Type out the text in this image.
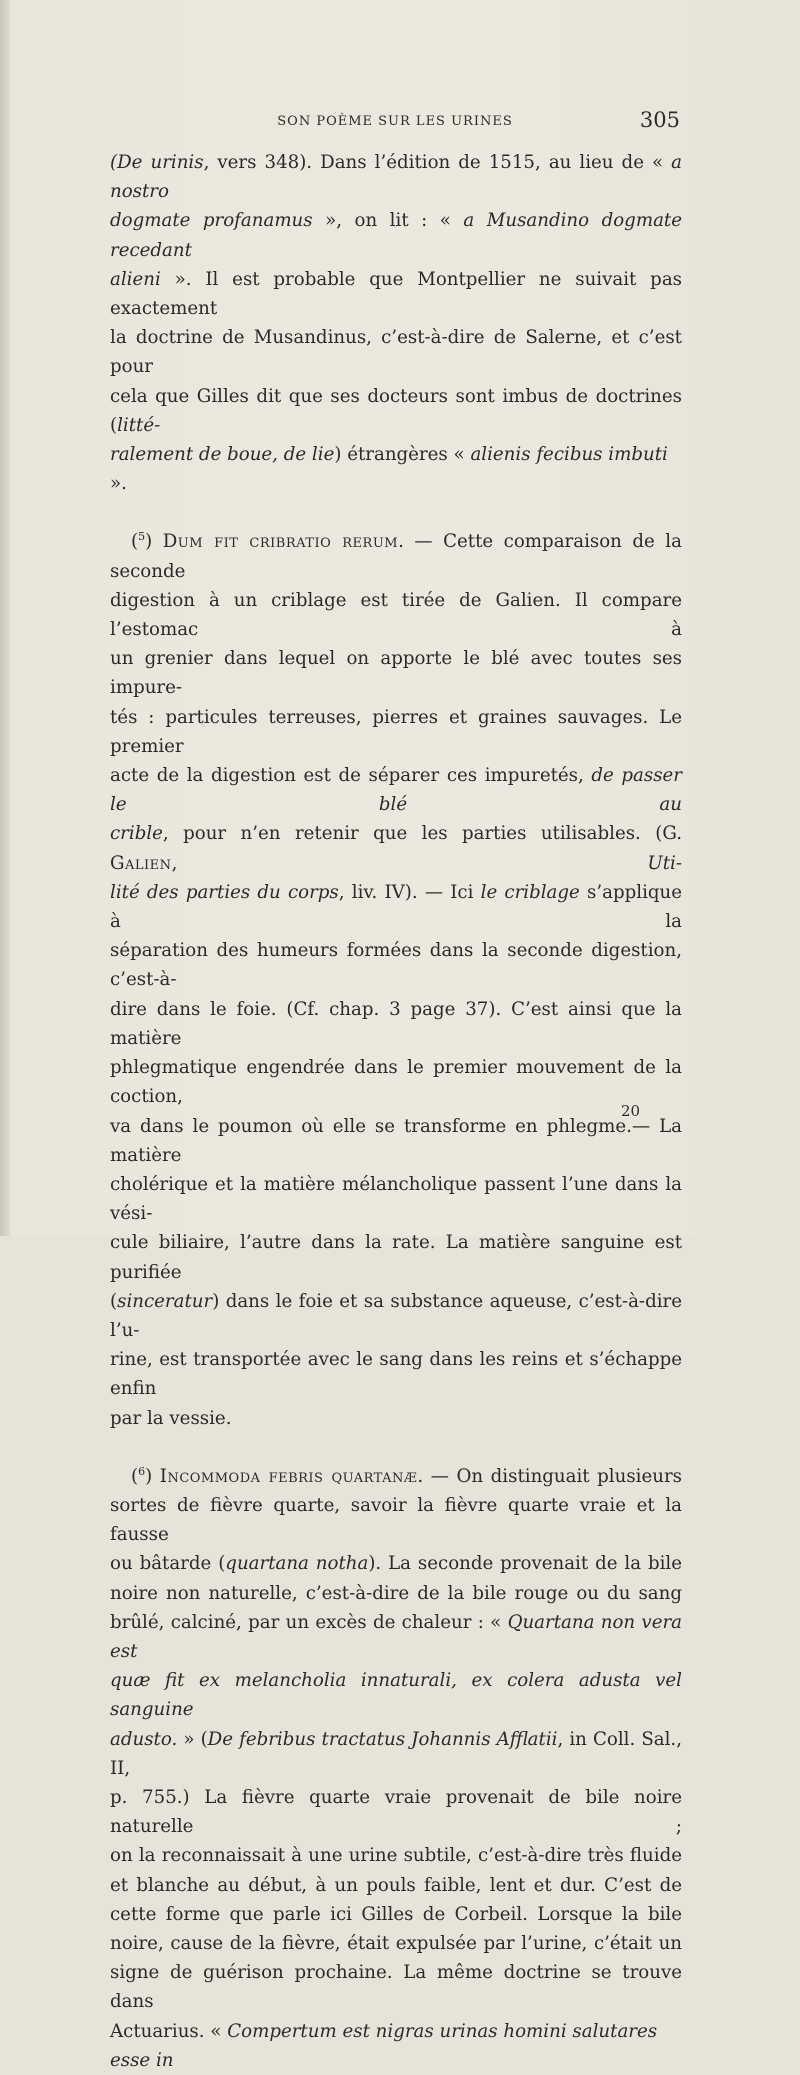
SON POÈME SUR LES URINES	305
(De urinis, vers 348). Dans l’édition de 1515, au lieu de « a nostro
dogmate profanamus », on lit : « a Musandino dogmate recedant
alieni ». Il est probable que Montpellier ne suivait pas exactement
la doctrine de Musandinus, c’est-à-dire de Salerne, et c’est pour
cela que Gilles dit que ses docteurs sont imbus de doctrines (litté-
ralement de boue, de lie) étrangères « alienis fecibus imbuti ».
($^5$) Dum fit cribratio rerum. — Cette comparaison de la seconde
digestion à un criblage est tirée de Galien. Il compare l’estomac à
un grenier dans lequel on apporte le blé avec toutes ses impure-
tés : particules terreuses, pierres et graines sauvages. Le premier
acte de la digestion est de séparer ces impuretés, de passer le blé au
crible, pour n’en retenir que les parties utilisables. (G. Galien, Uti-
lité des parties du corps, liv. IV). — Ici le criblage s’applique à la
séparation des humeurs formées dans la seconde digestion, c’est-à-
dire dans le foie. (Cf. chap. 3 page 37). C’est ainsi que la matière
phlegmatique engendrée dans le premier mouvement de la coction,
va dans le poumon où elle se transforme en phlegme.— La matière
cholérique et la matière mélancholique passent l’une dans la vési-
cule biliaire, l’autre dans la rate. La matière sanguine est purifiée
(sinceratur) dans le foie et sa substance aqueuse, c’est-à-dire l’u-
rine, est transportée avec le sang dans les reins et s’échappe enfin
par la vessie.
($^6$) Incommoda febris quartanæ. — On distinguait plusieurs
sortes de fièvre quarte, savoir la fièvre quarte vraie et la fausse
ou bâtarde (quartana notha). La seconde provenait de la bile
noire non naturelle, c’est-à-dire de la bile rouge ou du sang
brûlé, calciné, par un excès de chaleur : « Quartana non vera est
quæ fit ex melancholia innaturali, ex colera adusta vel sanguine
adusto. » (De febribus tractatus Johannis Afflatii, in Coll. Sal., II,
p. 755.) La fièvre quarte vraie provenait de bile noire naturelle ;
on la reconnaissait à une urine subtile, c’est-à-dire très fluide
et blanche au début, à un pouls faible, lent et dur. C’est de
cette forme que parle ici Gilles de Corbeil. Lorsque la bile
noire, cause de la fièvre, était expulsée par l’urine, c’était un
signe de guérison prochaine. La même doctrine se trouve dans
Actuarius. « Compertum est nigras urinas homini salutares esse in
20
